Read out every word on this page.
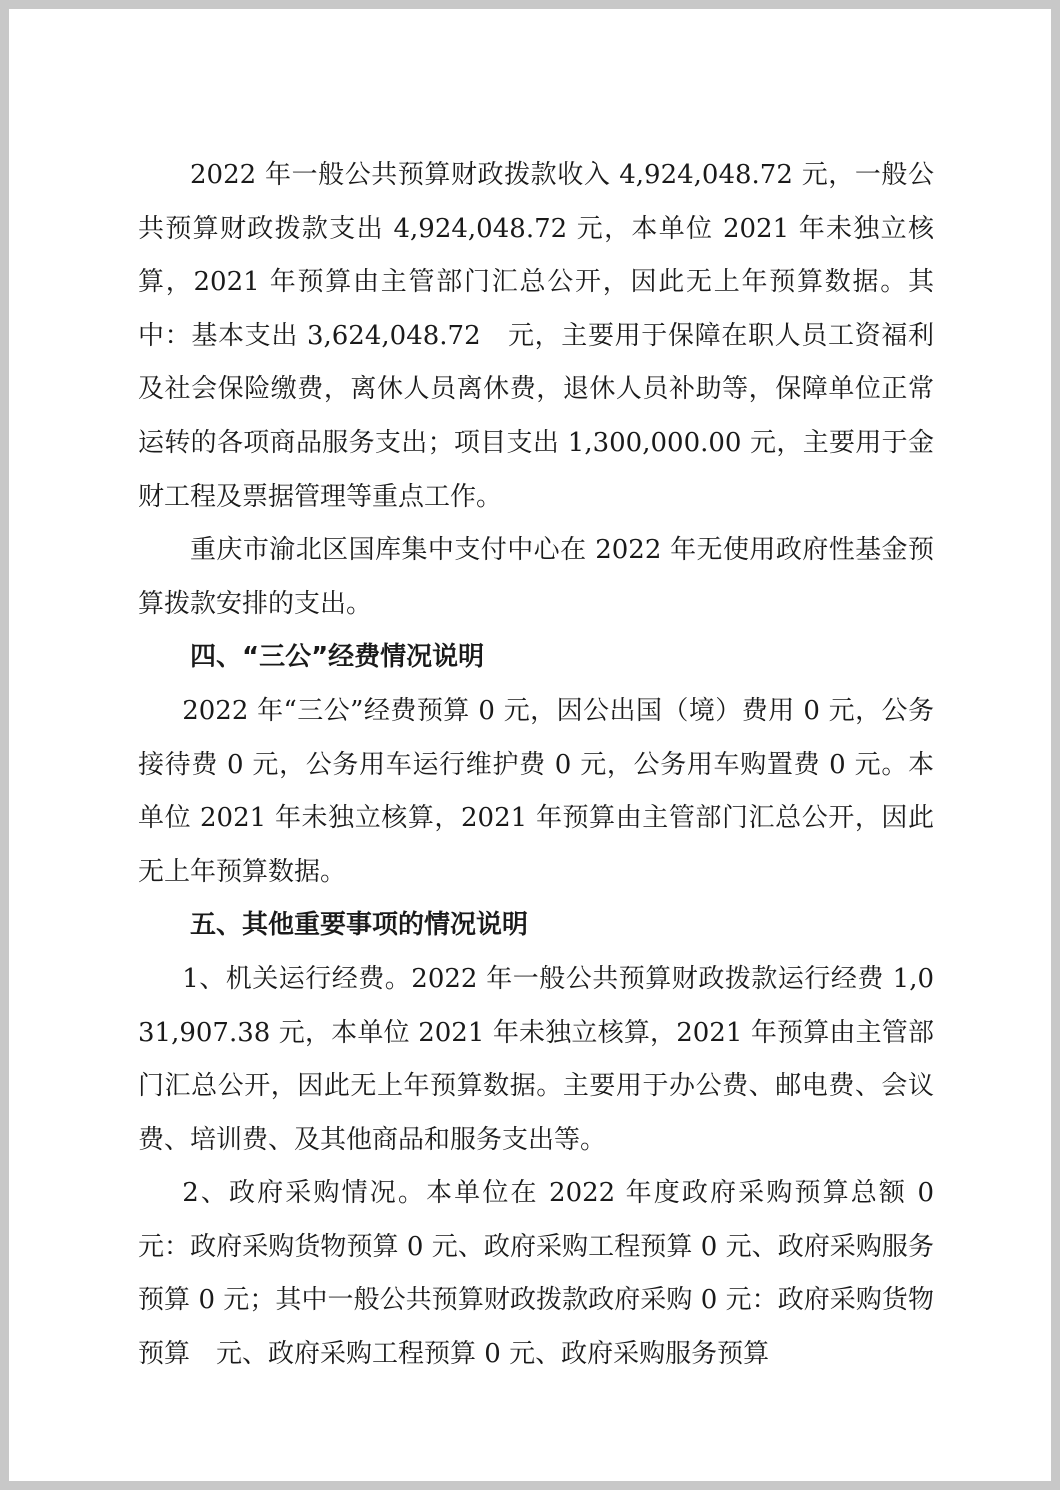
2022 年一般公共预算财政拨款收入 4,924,048.72 元，一般公共预算财政拨款支出 4,924,048.72 元，本单位 2021 年未独立核算，2021 年预算由主管部门汇总公开，因此无上年预算数据。其中：基本支出 3,624,048.72　元，主要用于保障在职人员工资福利及社会保险缴费，离休人员离休费，退休人员补助等，保障单位正常运转的各项商品服务支出；项目支出 1,300,000.00 元，主要用于金财工程及票据管理等重点工作。

重庆市渝北区国库集中支付中心在 2022 年无使用政府性基金预算拨款安排的支出。

四、“三公”经费情况说明

2022 年“三公”经费预算 0 元，因公出国（境）费用 0 元，公务接待费 0 元，公务用车运行维护费 0 元，公务用车购置费 0 元。本单位 2021 年未独立核算，2021 年预算由主管部门汇总公开，因此无上年预算数据。

五、其他重要事项的情况说明

1、机关运行经费。2022 年一般公共预算财政拨款运行经费 1,031,907.38 元，本单位 2021 年未独立核算，2021 年预算由主管部门汇总公开，因此无上年预算数据。主要用于办公费、邮电费、会议费、培训费、及其他商品和服务支出等。

2、政府采购情况。本单位在 2022 年度政府采购预算总额 0 元：政府采购货物预算 0 元、政府采购工程预算 0 元、政府采购服务预算 0 元；其中一般公共预算财政拨款政府采购 0 元：政府采购货物预算　元、政府采购工程预算 0 元、政府采购服务预算
